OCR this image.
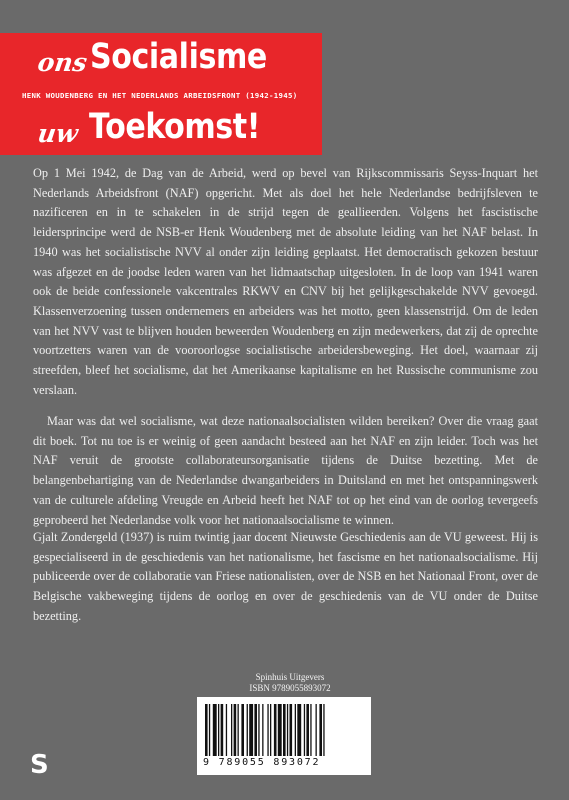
ons Socialisme
HENK WOUDENBERG EN HET NEDERLANDS ARBEIDSFRONT (1942-1945)
uw Toekomst!

Op 1 Mei 1942, de Dag van de Arbeid, werd op bevel van Rijkscommissaris Seyss-Inquart het Nederlands Arbeidsfront (NAF) opgericht. Met als doel het hele Nederlandse bedrijfsleven te nazificeren en in te schakelen in de strijd tegen de geallieerden. Volgens het fascistische leidersprincipe werd de NSB-er Henk Woudenberg met de absolute leiding van het NAF belast. In 1940 was het socialistische NVV al onder zijn leiding geplaatst. Het democratisch gekozen bestuur was afgezet en de joodse leden waren van het lidmaatschap uitgesloten. In de loop van 1941 waren ook de beide confessionele vakcentrales RKWV en CNV bij het gelijkgeschakelde NVV gevoegd. Klassenverzoening tussen ondernemers en arbeiders was het motto, geen klassenstrijd. Om de leden van het NVV vast te blijven houden beweerden Woudenberg en zijn medewerkers, dat zij de oprechte voortzetters waren van de vooroorlogse socialistische arbeidersbeweging. Het doel, waarnaar zij streefden, bleef het socialisme, dat het Amerikaanse kapitalisme en het Russische communisme zou verslaan.

Maar was dat wel socialisme, wat deze nationaalsocialisten wilden bereiken? Over die vraag gaat dit boek. Tot nu toe is er weinig of geen aandacht besteed aan het NAF en zijn leider. Toch was het NAF veruit de grootste collaborateursorganisatie tijdens de Duitse bezetting. Met de belangenbehartiging van de Nederlandse dwangarbeiders in Duitsland en met het ontspanningswerk van de culturele afdeling Vreugde en Arbeid heeft het NAF tot op het eind van de oorlog tevergeefs geprobeerd het Nederlandse volk voor het nationaalsocialisme te winnen.

Gjalt Zondergeld (1937) is ruim twintig jaar docent Nieuwste Geschiedenis aan de VU geweest. Hij is gespecialiseerd in de geschiedenis van het nationalisme, het fascisme en het nationaalsocialisme. Hij publiceerde over de collaboratie van Friese nationalisten, over de NSB en het Nationaal Front, over de Belgische vakbeweging tijdens de oorlog en over de geschiedenis van de VU onder de Duitse bezetting.

Spinhuis Uitgevers
ISBN 9789055893072
9 789055 893072
S
